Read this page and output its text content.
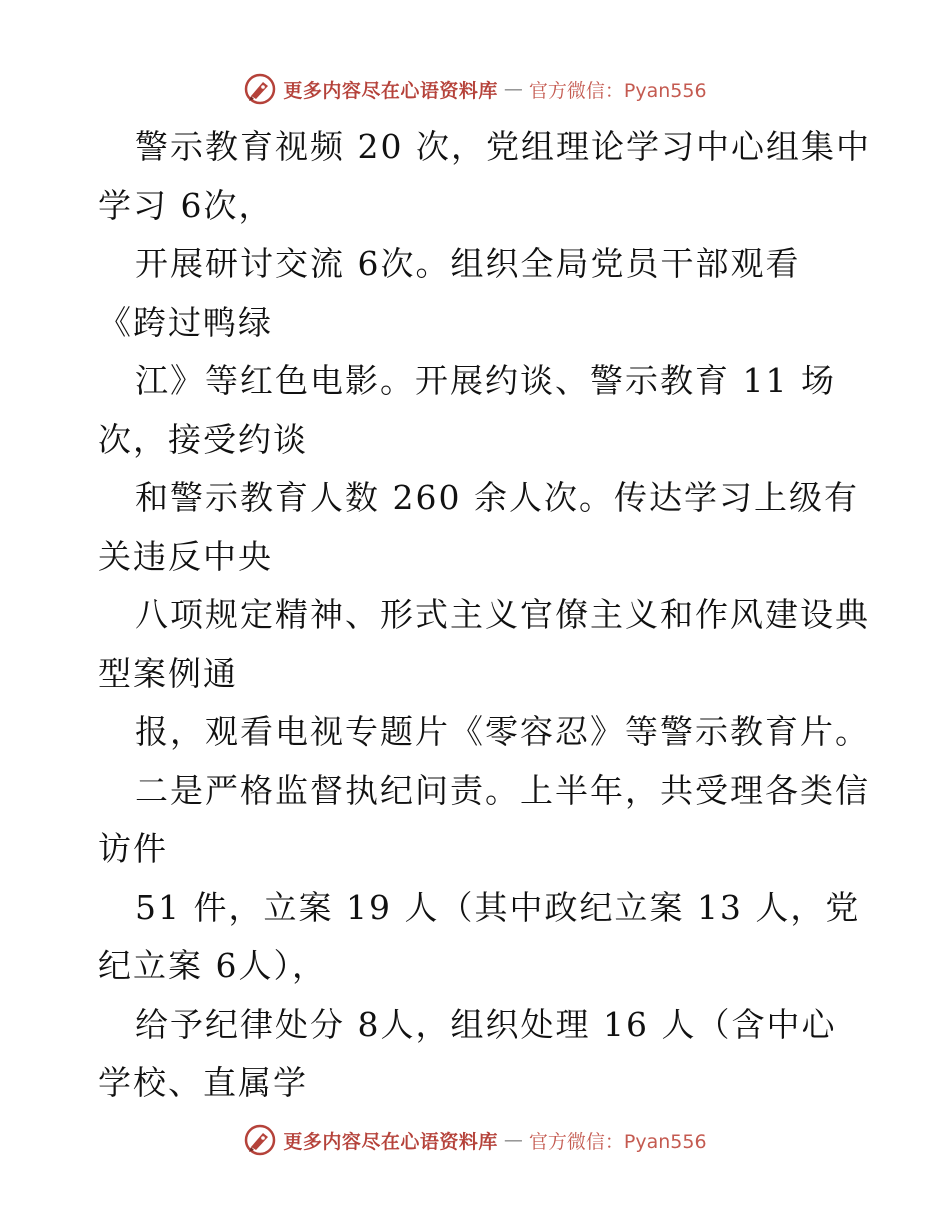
更多内容尽在心语资料库 — 官方微信：Pyan556
警示教育视频 20 次，党组理论学习中心组集中
学习 6次，
开展研讨交流 6次。组织全局党员干部观看
《跨过鸭绿
江》等红色电影。开展约谈、警示教育 11 场
次，接受约谈
和警示教育人数 260 余人次。传达学习上级有
关违反中央
八项规定精神、形式主义官僚主义和作风建设典
型案例通
报，观看电视专题片《零容忍》等警示教育片。
二是严格监督执纪问责。上半年，共受理各类信
访件
51 件，立案 19 人（其中政纪立案 13 人，党
纪立案 6人），
给予纪律处分 8人，组织处理 16 人（含中心
学校、直属学
更多内容尽在心语资料库 — 官方微信：Pyan556
